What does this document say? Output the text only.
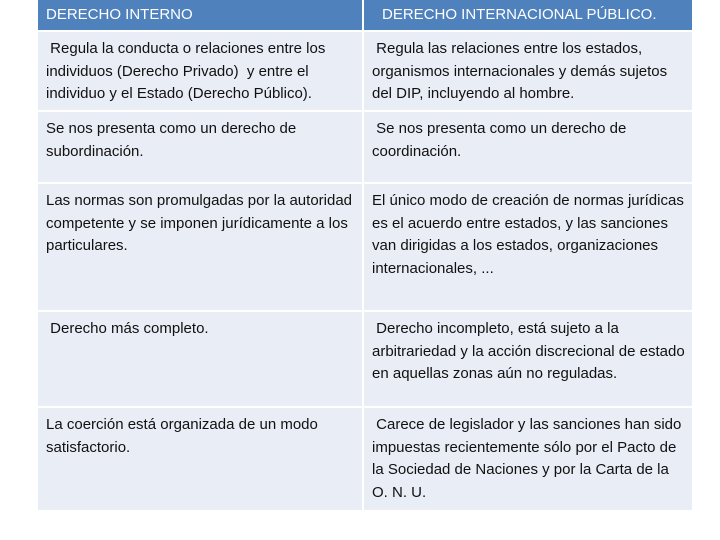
DERECHO INTERNO	DERECHO INTERNACIONAL PÚBLICO.
Regula la conducta o relaciones entre los individuos (Derecho Privado)  y entre el individuo y el Estado (Derecho Público).
Regula las relaciones entre los estados, organismos internacionales y demás sujetos del DIP, incluyendo al hombre.
Se nos presenta como un derecho de subordinación.
Se nos presenta como un derecho de coordinación.
Las normas son promulgadas por la autoridad competente y se imponen jurídicamente a los particulares.
El único modo de creación de normas jurídicas es el acuerdo entre estados, y las sanciones van dirigidas a los estados, organizaciones internacionales, ...
Derecho más completo.	Derecho incompleto, está sujeto a la arbitrariedad y la acción discrecional de estado en aquellas zonas aún no reguladas.
La coerción está organizada de un modo satisfactorio.
Carece de legislador y las sanciones han sido impuestas recientemente sólo por el Pacto de la Sociedad de Naciones y por la Carta de la O. N. U.
